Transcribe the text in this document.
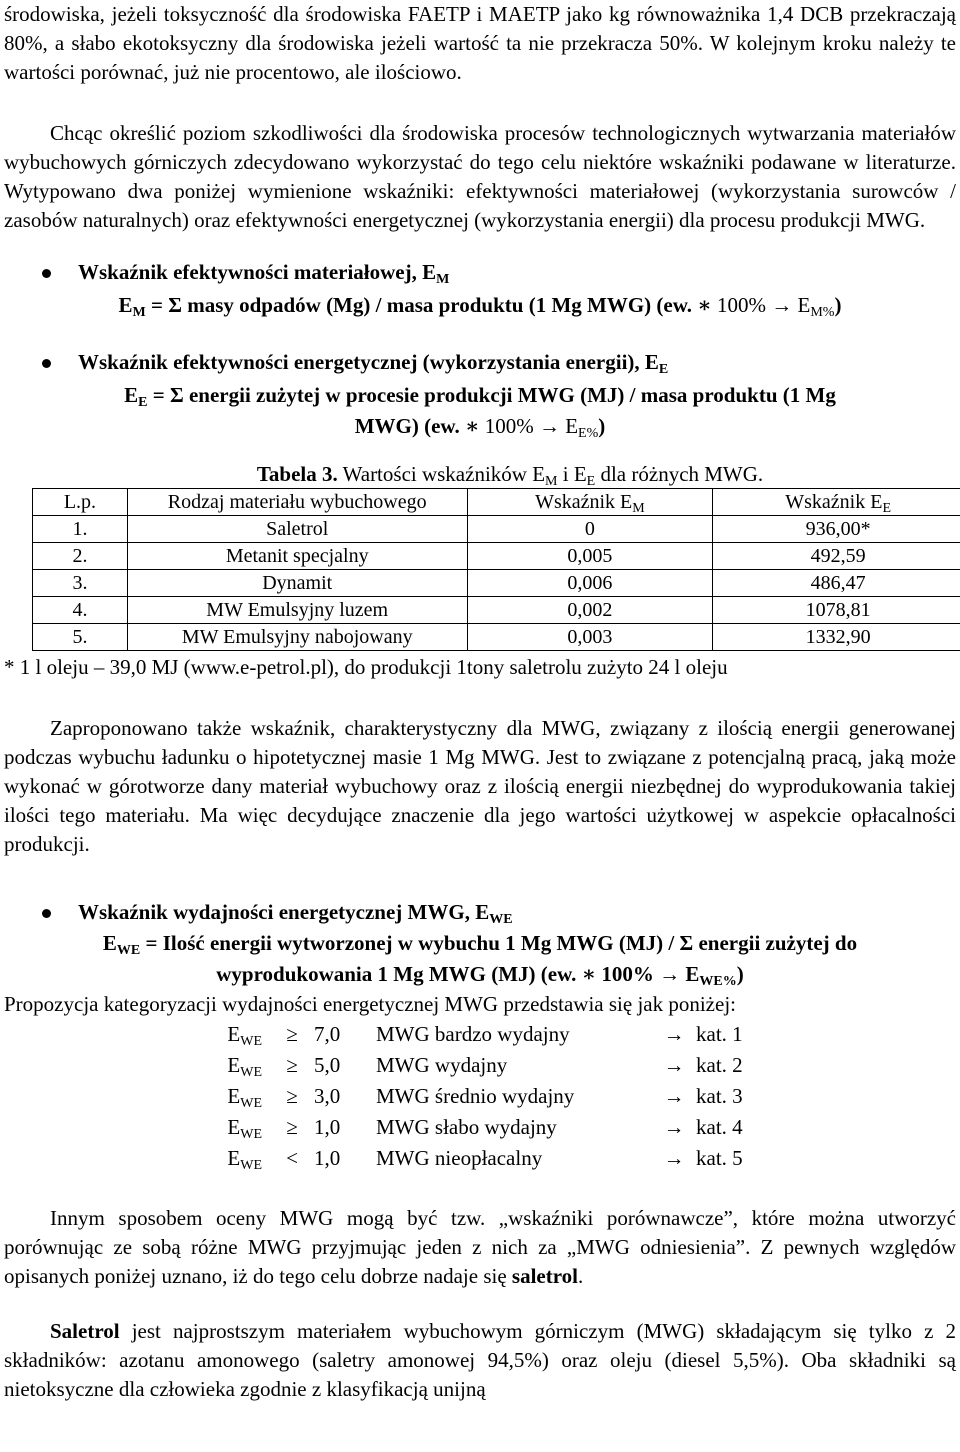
środowiska, jeżeli toksyczność dla środowiska FAETP i MAETP jako kg równoważnika 1,4 DCB przekraczają 80%, a słabo ekotoksyczny dla środowiska jeżeli wartość ta nie przekracza 50%. W kolejnym kroku należy te wartości porównać, już nie procentowo, ale ilościowo.

Chcąc określić poziom szkodliwości dla środowiska procesów technologicznych wytwarzania materiałów wybuchowych górniczych zdecydowano wykorzystać do tego celu niektóre wskaźniki podawane w literaturze. Wytypowano dwa poniżej wymienione wskaźniki: efektywności materiałowej (wykorzystania surowców / zasobów naturalnych) oraz efektywności energetycznej (wykorzystania energii) dla procesu produkcji MWG.

Wskaźnik efektywności materiałowej, $E_M$
$E_M = \Sigma$ masy odpadów (Mg) / masa produktu (1 Mg MWG) (ew. ∗ $100\% \to E_{M\%}$)
Wskaźnik efektywności energetycznej (wykorzystania energii), $E_E$
$E_E = \Sigma$ energii zużytej w procesie produkcji MWG (MJ) / masa produktu (1 Mg
MWG) (ew. ∗ $100\% \to E_{E\%}$)
Tabela 3. Wartości wskaźników $E_M$ i $E_E$ dla różnych MWG.
L.p.	Rodzaj materiału wybuchowego	Wskaźnik $E_M$	Wskaźnik $E_E$
1.	Saletrol	0	936,00*
2.	Metanit specjalny	0,005	492,59
3.	Dynamit	0,006	486,47
4.	MW Emulsyjny luzem	0,002	1078,81
5.	MW Emulsyjny nabojowany	0,003	1332,90

* 1 l oleju – 39,0 MJ (www.e-petrol.pl), do produkcji 1tony saletrolu zużyto 24 l oleju

Zaproponowano także wskaźnik, charakterystyczny dla MWG, związany z ilością energii generowanej podczas wybuchu ładunku o hipotetycznej masie 1 Mg MWG. Jest to związane z potencjalną pracą, jaką może wykonać w górotworze dany materiał wybuchowy oraz z ilością energii niezbędnej do wyprodukowania takiej ilości tego materiału. Ma więc decydujące znaczenie dla jego wartości użytkowej w aspekcie opłacalności produkcji.

Wskaźnik wydajności energetycznej MWG, $E_{WE}$
$E_{WE}$ = Ilość energii wytworzonej w wybuchu 1 Mg MWG (MJ) / Σ energii zużytej do
wyprodukowania 1 Mg MWG (MJ) (ew. ∗ $100\% \to E_{WE\%}$)

Propozycja kategoryzacji wydajności energetycznej MWG przedstawia się jak poniżej:

$E_{WE}$	≥ 7,0	MWG bardzo wydajny	→ kat. 1
$E_{WE}$	≥ 5,0	MWG wydajny	→ kat. 2
$E_{WE}$	≥ 3,0	MWG średnio wydajny	→ kat. 3
$E_{WE}$	≥ 1,0	MWG słabo wydajny	→ kat. 4
$E_{WE}$	< 1,0	MWG nieopłacalny	→ kat. 5

Innym sposobem oceny MWG mogą być tzw. „wskaźniki porównawcze”, które można utworzyć porównując ze sobą różne MWG przyjmując jeden z nich za „MWG odniesienia”. Z pewnych względów opisanych poniżej uznano, iż do tego celu dobrze nadaje się saletrol.

Saletrol jest najprostszym materiałem wybuchowym górniczym (MWG) składającym się tylko z 2 składników: azotanu amonowego (saletry amonowej 94,5%) oraz oleju (diesel 5,5%). Oba składniki są nietoksyczne dla człowieka zgodnie z klasyfikacją unijną
